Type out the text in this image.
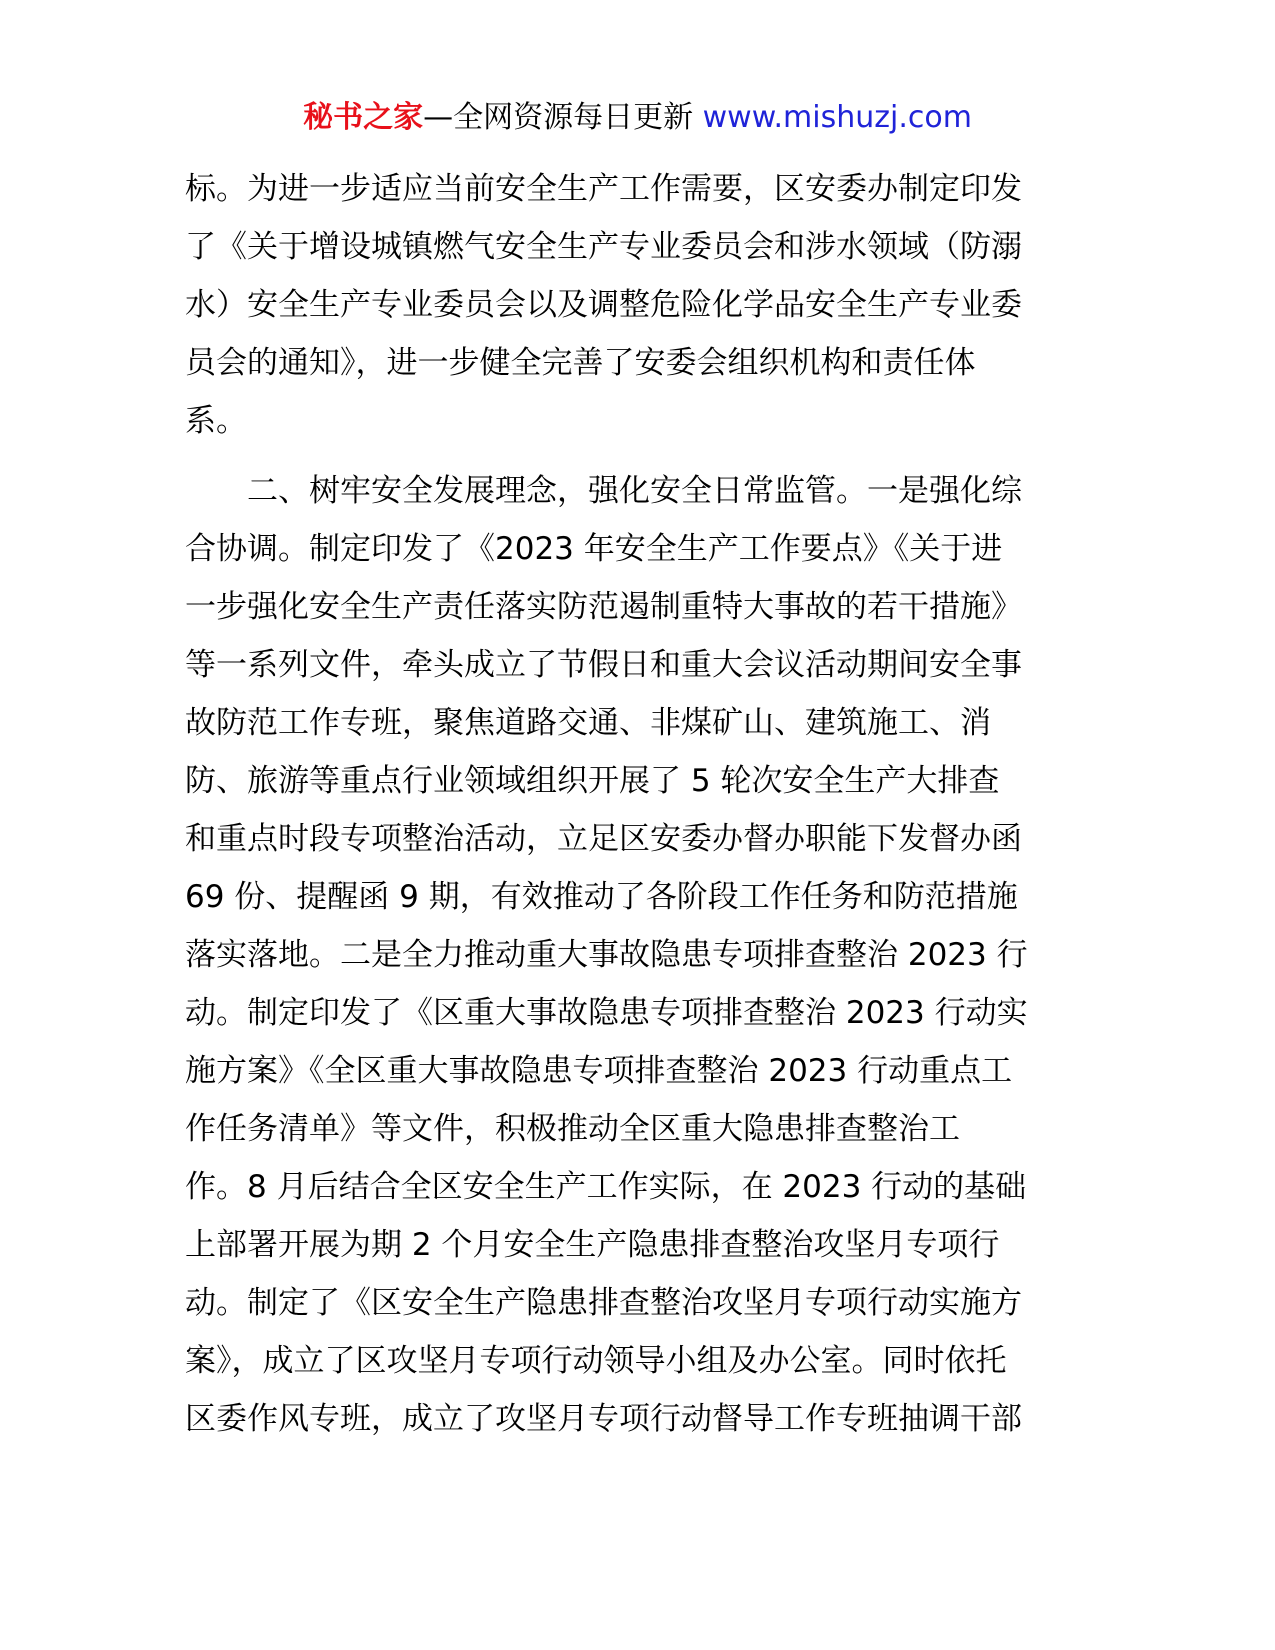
秘书之家—全网资源每日更新 www.mishuzj.com
标。为进一步适应当前安全生产工作需要，区安委办制定印发
了《关于增设城镇燃气安全生产专业委员会和涉水领域（防溺
水）安全生产专业委员会以及调整危险化学品安全生产专业委
员会的通知》，进一步健全完善了安委会组织机构和责任体
系。
　　二、树牢安全发展理念，强化安全日常监管。一是强化综
合协调。制定印发了《2023 年安全生产工作要点》《关于进
一步强化安全生产责任落实防范遏制重特大事故的若干措施》
等一系列文件，牵头成立了节假日和重大会议活动期间安全事
故防范工作专班，聚焦道路交通、非煤矿山、建筑施工、消
防、旅游等重点行业领域组织开展了 5 轮次安全生产大排查
和重点时段专项整治活动，立足区安委办督办职能下发督办函
69 份、提醒函 9 期，有效推动了各阶段工作任务和防范措施
落实落地。二是全力推动重大事故隐患专项排查整治 2023 行
动。制定印发了《区重大事故隐患专项排查整治 2023 行动实
施方案》《全区重大事故隐患专项排查整治 2023 行动重点工
作任务清单》等文件，积极推动全区重大隐患排查整治工
作。8 月后结合全区安全生产工作实际，在 2023 行动的基础
上部署开展为期 2 个月安全生产隐患排查整治攻坚月专项行
动。制定了《区安全生产隐患排查整治攻坚月专项行动实施方
案》，成立了区攻坚月专项行动领导小组及办公室。同时依托
区委作风专班，成立了攻坚月专项行动督导工作专班抽调干部
